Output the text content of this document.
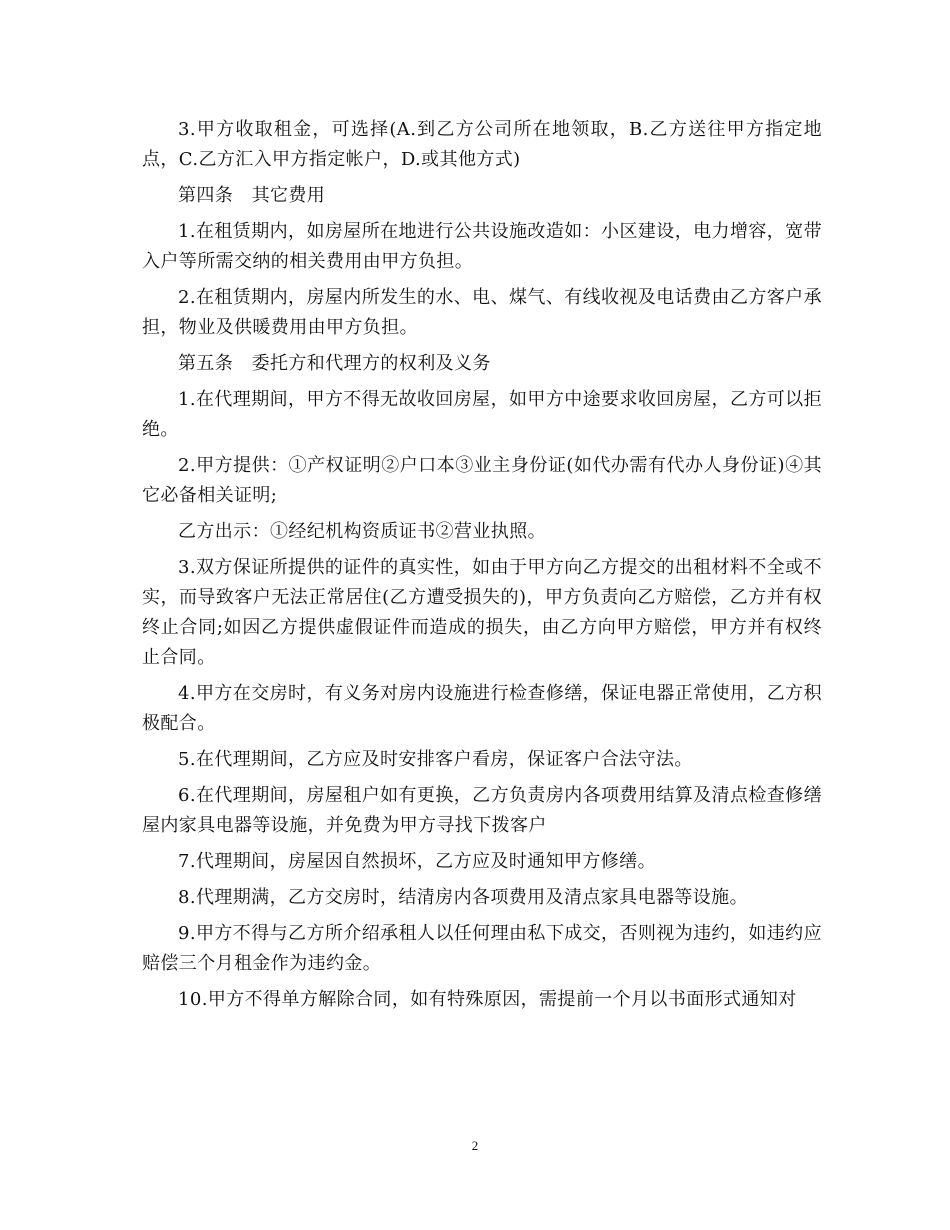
3.甲方收取租金，可选择(A.到乙方公司所在地领取，B.乙方送往甲方指定地点，C.乙方汇入甲方指定帐户，D.或其他方式)

第四条　其它费用

1.在租赁期内，如房屋所在地进行公共设施改造如：小区建设，电力增容，宽带入户等所需交纳的相关费用由甲方负担。

2.在租赁期内，房屋内所发生的水、电、煤气、有线收视及电话费由乙方客户承担，物业及供暖费用由甲方负担。

第五条　委托方和代理方的权利及义务

1.在代理期间，甲方不得无故收回房屋，如甲方中途要求收回房屋，乙方可以拒绝。

2.甲方提供：①产权证明②户口本③业主身份证(如代办需有代办人身份证)④其它必备相关证明;

乙方出示：①经纪机构资质证书②营业执照。

3.双方保证所提供的证件的真实性，如由于甲方向乙方提交的出租材料不全或不实，而导致客户无法正常居住(乙方遭受损失的)，甲方负责向乙方赔偿，乙方并有权终止合同;如因乙方提供虚假证件而造成的损失，由乙方向甲方赔偿，甲方并有权终止合同。

4.甲方在交房时，有义务对房内设施进行检查修缮，保证电器正常使用，乙方积极配合。

5.在代理期间，乙方应及时安排客户看房，保证客户合法守法。

6.在代理期间，房屋租户如有更换，乙方负责房内各项费用结算及清点检查修缮屋内家具电器等设施，并免费为甲方寻找下拨客户

7.代理期间，房屋因自然损坏，乙方应及时通知甲方修缮。

8.代理期满，乙方交房时，结清房内各项费用及清点家具电器等设施。

9.甲方不得与乙方所介绍承租人以任何理由私下成交，否则视为违约，如违约应赔偿三个月租金作为违约金。

10.甲方不得单方解除合同，如有特殊原因，需提前一个月以书面形式通知对

2
